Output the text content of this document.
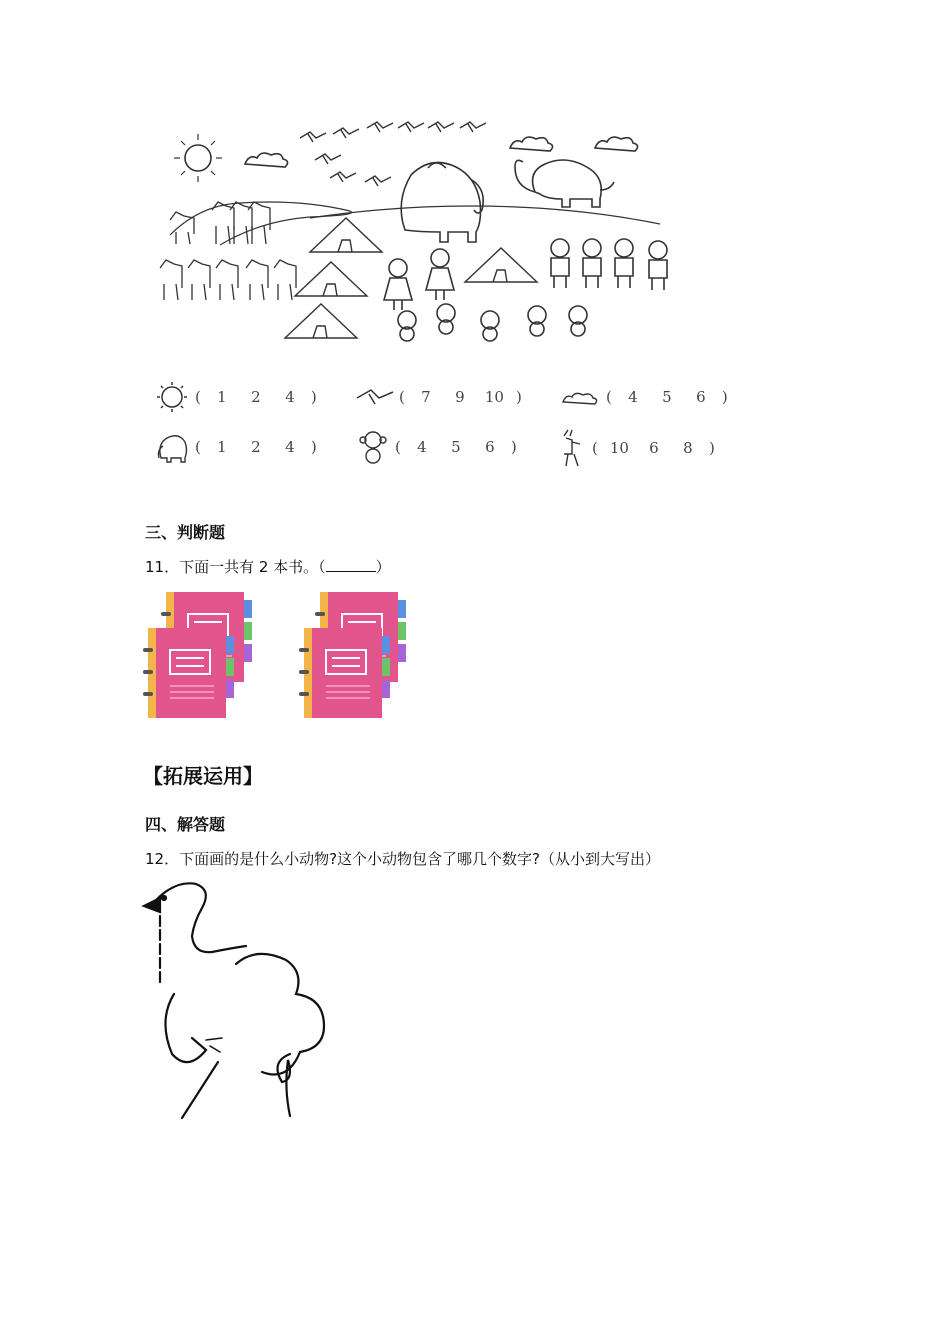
( 1 2 4 )	( 7 9 10 )	( 4 5 6 )
( 1 2 4 )	( 4 5 6 )	( 10 6 8 )
三、判断题
11．下面一共有 2 本书。（	）
【拓展运用】
四、解答题
12．下面画的是什么小动物?这个小动物包含了哪几个数字?（从小到大写出）
